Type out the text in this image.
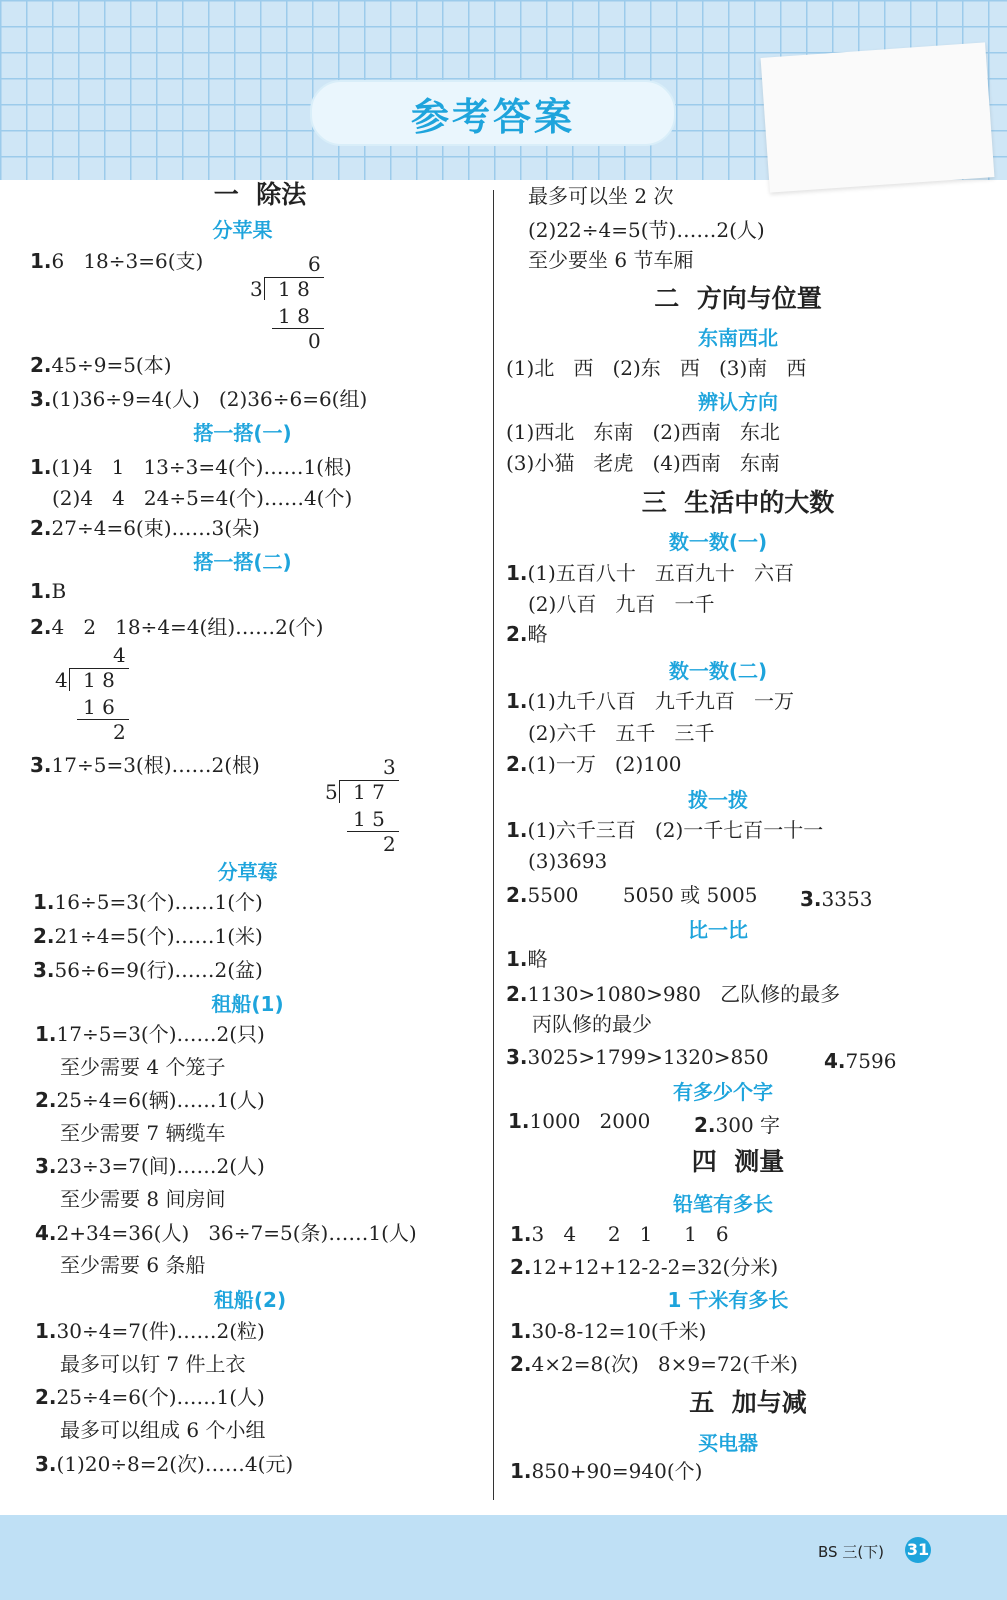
参考答案
一  除法
分苹果
1.6   18÷3=6(支)	6
3 1 8
1 8
0
2.45÷9=5(本)
3.(1)36÷9=4(人)   (2)36÷6=6(组)
搭一搭(一)
1.(1)4   1   13÷3=4(个)……1(根)
(2)4   4   24÷5=4(个)……4(个)
2.27÷4=6(束)……3(朵)
搭一搭(二)
1.B
2.4   2   18÷4=4(组)……2(个)
4
4 1 8
1 6
2
3.17÷5=3(根)……2(根)	3
5 1 7
1 5
2
分草莓
1.16÷5=3(个)……1(个)
2.21÷4=5(个)……1(米)
3.56÷6=9(行)……2(盆)
租船(1)
1.17÷5=3(个)……2(只)
至少需要 4 个笼子
2.25÷4=6(辆)……1(人)
至少需要 7 辆缆车
3.23÷3=7(间)……2(人)
至少需要 8 间房间
4.2+34=36(人)   36÷7=5(条)……1(人)
至少需要 6 条船
租船(2)
1.30÷4=7(件)……2(粒)
最多可以钉 7 件上衣
2.25÷4=6(个)……1(人)
最多可以组成 6 个小组
3.(1)20÷8=2(次)……4(元)
最多可以坐 2 次
(2)22÷4=5(节)……2(人)
至少要坐 6 节车厢
二  方向与位置
东南西北
(1)北   西   (2)东   西   (3)南   西
辨认方向
(1)西北   东南   (2)西南   东北
(3)小猫   老虎   (4)西南   东南
三  生活中的大数
数一数(一)
1.(1)五百八十   五百九十   六百
(2)八百   九百   一千
2.略
数一数(二)
1.(1)九千八百   九千九百   一万
(2)六千   五千   三千
2.(1)一万   (2)100
拨一拨
1.(1)六千三百   (2)一千七百一十一
(3)3693
2.5500       5050 或 5005 3.3353
比一比
1.略
2.1130>1080>980   乙队修的最多
丙队修的最少
3.3025>1799>1320>850	4.7596
有多少个字
1.1000   2000 2.300 字
四  测量
铅笔有多长
1.3   4     2   1     1   6
2.12+12+12-2-2=32(分米)
1 千米有多长
1.30-8-12=10(千米)
2.4×2=8(次)   8×9=72(千米)
五  加与减
买电器
1.850+90=940(个)
BS 三(下) 31
